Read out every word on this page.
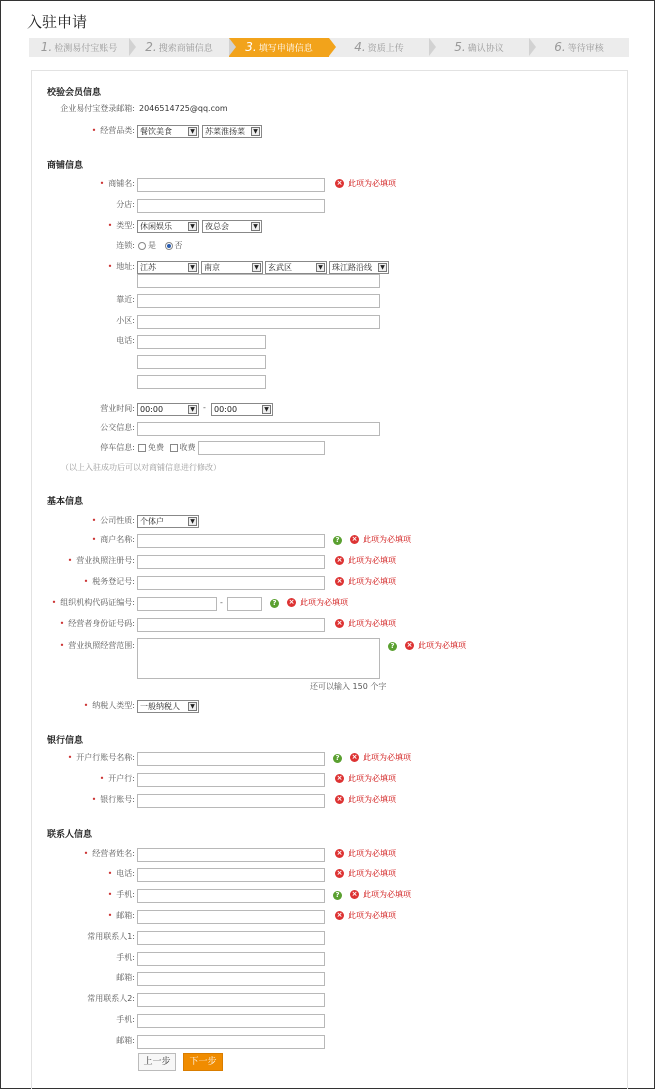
入驻申请
1. 检测易付宝账号	2. 搜索商铺信息	3. 填写申请信息	4. 资质上传	5. 确认协议	6. 等待审核
校验会员信息
企业易付宝登录邮箱: 2046514725@qq.com
• 经营品类: 餐饮美食	▼	苏菜淮扬菜	▼
商铺信息
• 商铺名:	× 此项为必填项
分店:
• 类型: 休闲娱乐	▼	夜总会	▼
连锁:	是 否
• 地址: 江苏	▼	南京	▼	玄武区	▼	珠江路沿线	▼
靠近:
小区:
电话:
营业时间: 00:00	▼ -	00:00	▼
公交信息:
停车信息:	免费 收费
（以上入驻成功后可以对商铺信息进行修改）
基本信息
• 公司性质: 个体户	▼
• 商户名称:	?	× 此项为必填项
• 营业执照注册号:	× 此项为必填项
• 税务登记号:	× 此项为必填项
• 组织机构代码证编号:	-	?	× 此项为必填项
• 经营者身份证号码:	× 此项为必填项
• 营业执照经营范围:	?	× 此项为必填项
还可以输入 150 个字
• 纳税人类型: 一般纳税人	▼
银行信息
• 开户行账号名称:	?	× 此项为必填项
• 开户行:	× 此项为必填项
• 银行账号:	× 此项为必填项
联系人信息
• 经营者姓名:	× 此项为必填项
• 电话:	× 此项为必填项
• 手机:	?	× 此项为必填项
• 邮箱:	× 此项为必填项
常用联系人1:
手机:
邮箱:
常用联系人2:
手机:
邮箱:
上一步	下一步
